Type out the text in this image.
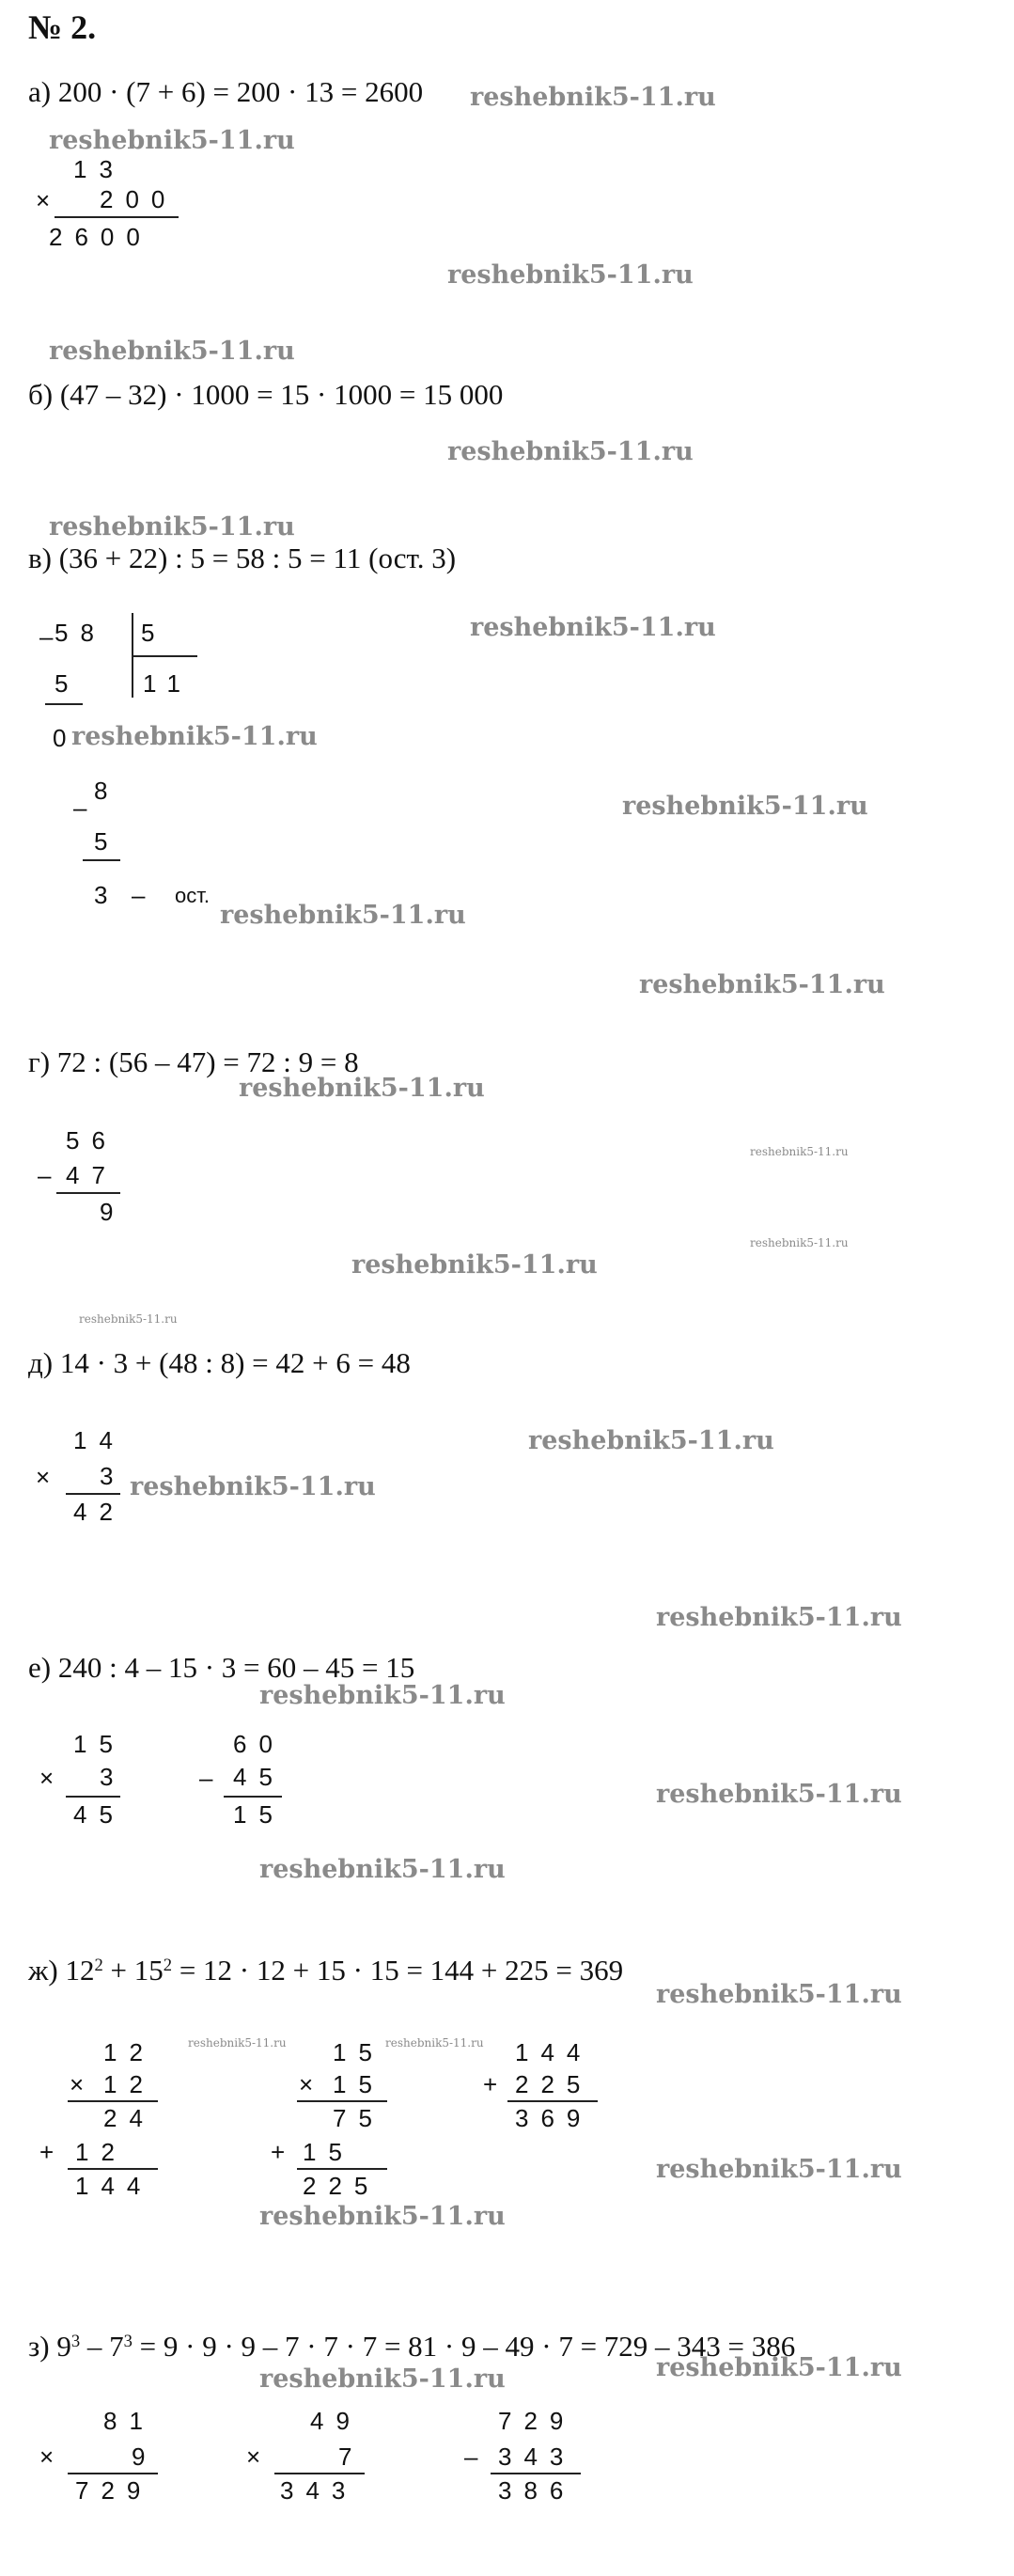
№ 2.
а) 200 · (7 + 6) = 200 · 13 = 2600 reshebnik5-11.ru
reshebnik5-11.ru
13
× 200
2600
reshebnik5-11.ru
reshebnik5-11.ru
б) (47 – 32) · 1000 = 15 · 1000 = 15 000
reshebnik5-11.ru
reshebnik5-11.ru
в) (36 + 22) : 5 = 58 : 5 = 11 (ост. 3)
reshebnik5-11.ru
– 58 5
5	11
0
reshebnik5-11.ru
–
8
reshebnik5-11.ru
5
3 – ост.
reshebnik5-11.ru
reshebnik5-11.ru
г) 72 : (56 – 47) = 72 : 9 = 8
reshebnik5-11.ru
56	reshebnik5-11.ru
– 47
9
reshebnik5-11.ru
reshebnik5-11.ru
reshebnik5-11.ru
д) 14 · 3 + (48 : 8) = 42 + 6 = 48
14	reshebnik5-11.ru
× 3 reshebnik5-11.ru
42
reshebnik5-11.ru
е) 240 : 4 – 15 · 3 = 60 – 45 = 15
reshebnik5-11.ru
15	60
× 3	– 45
reshebnik5-11.ru
45	15
reshebnik5-11.ru
ж) $12^2 + 15^2 = 12 \cdot 12 + 15 \cdot 15 = 144 + 225 = 369$
reshebnik5-11.ru
12	reshebnik5-11.ru
× 12
24
+ 12
144
15 reshebnik5-11.ru
× 15
75
+ 15
225
144
+ 225
369
reshebnik5-11.ru
reshebnik5-11.ru
з) $9^3 - 7^3 = 9 \cdot 9 \cdot 9 - 7 \cdot 7 \cdot 7 = 81 \cdot 9 - 49 \cdot 7 = 729 - 343 = 386$
reshebnik5-11.ru
reshebnik5-11.ru
81
×	9
729
49
×	7
343
729
– 343
386
